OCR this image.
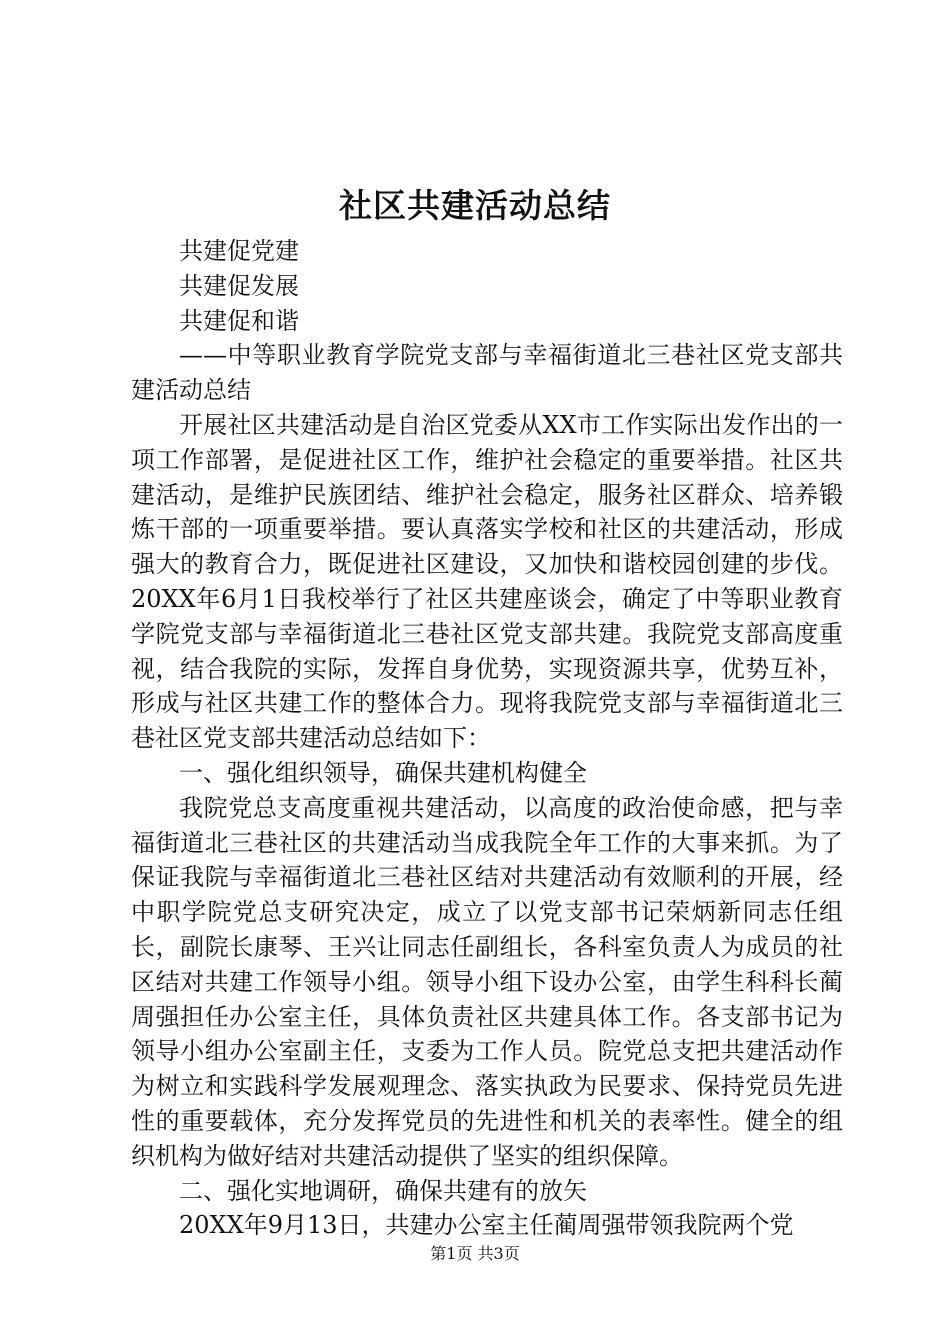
社区共建活动总结

共建促党建

共建促发展

共建促和谐

——中等职业教育学院党支部与幸福街道北三巷社区党支部共建活动总结

开展社区共建活动是自治区党委从XX市工作实际出发作出的一项工作部署，是促进社区工作，维护社会稳定的重要举措。社区共建活动，是维护民族团结、维护社会稳定，服务社区群众、培养锻炼干部的一项重要举措。要认真落实学校和社区的共建活动，形成强大的教育合力，既促进社区建设，又加快和谐校园创建的步伐。20XX年6月1日我校举行了社区共建座谈会，确定了中等职业教育学院党支部与幸福街道北三巷社区党支部共建。我院党支部高度重视，结合我院的实际，发挥自身优势，实现资源共享，优势互补，形成与社区共建工作的整体合力。现将我院党支部与幸福街道北三巷社区党支部共建活动总结如下：

一、强化组织领导，确保共建机构健全

我院党总支高度重视共建活动，以高度的政治使命感，把与幸福街道北三巷社区的共建活动当成我院全年工作的大事来抓。为了保证我院与幸福街道北三巷社区结对共建活动有效顺利的开展，经中职学院党总支研究决定，成立了以党支部书记荣炳新同志任组长，副院长康琴、王兴让同志任副组长，各科室负责人为成员的社区结对共建工作领导小组。领导小组下设办公室，由学生科科长蔺周强担任办公室主任，具体负责社区共建具体工作。各支部书记为领导小组办公室副主任，支委为工作人员。院党总支把共建活动作为树立和实践科学发展观理念、落实执政为民要求、保持党员先进性的重要载体，充分发挥党员的先进性和机关的表率性。健全的组织机构为做好结对共建活动提供了坚实的组织保障。

二、强化实地调研，确保共建有的放矢

20XX年9月13日，共建办公室主任蔺周强带领我院两个党

第1页 共3页
